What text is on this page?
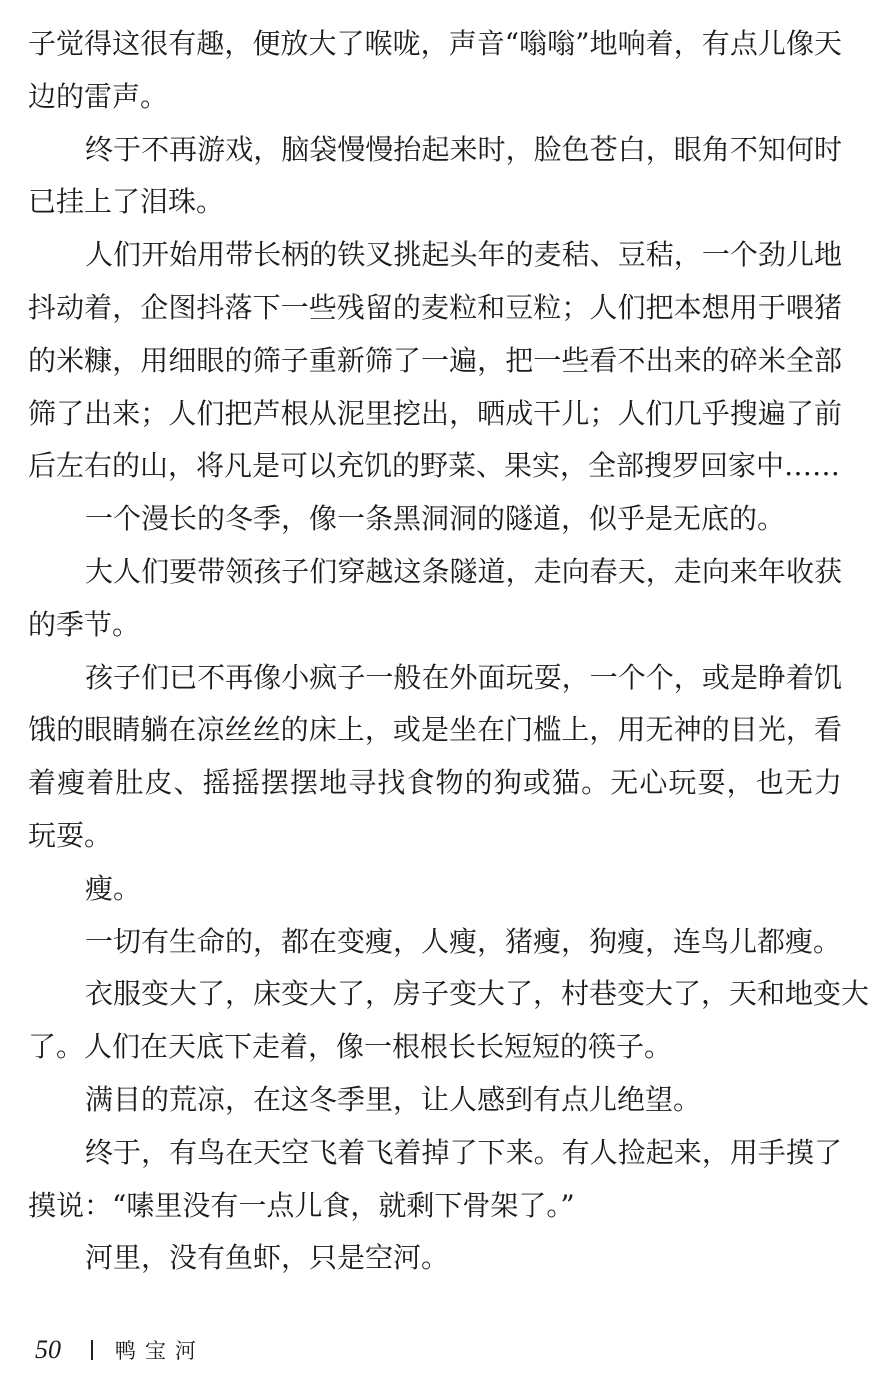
子觉得这很有趣，便放大了喉咙，声音“嗡嗡”地响着，有点儿像天
边的雷声。
终于不再游戏，脑袋慢慢抬起来时，脸色苍白，眼角不知何时
已挂上了泪珠。
人们开始用带长柄的铁叉挑起头年的麦秸、豆秸，一个劲儿地
抖动着，企图抖落下一些残留的麦粒和豆粒；人们把本想用于喂猪
的米糠，用细眼的筛子重新筛了一遍，把一些看不出来的碎米全部
筛了出来；人们把芦根从泥里挖出，晒成干儿；人们几乎搜遍了前
后左右的山，将凡是可以充饥的野菜、果实，全部搜罗回家中……
一个漫长的冬季，像一条黑洞洞的隧道，似乎是无底的。
大人们要带领孩子们穿越这条隧道，走向春天，走向来年收获
的季节。
孩子们已不再像小疯子一般在外面玩耍，一个个，或是睁着饥
饿的眼睛躺在凉丝丝的床上，或是坐在门槛上，用无神的目光，看
着瘦着肚皮、摇摇摆摆地寻找食物的狗或猫。无心玩耍，也无力
玩耍。
瘦。
一切有生命的，都在变瘦，人瘦，猪瘦，狗瘦，连鸟儿都瘦。
衣服变大了，床变大了，房子变大了，村巷变大了，天和地变大
了。人们在天底下走着，像一根根长长短短的筷子。
满目的荒凉，在这冬季里，让人感到有点儿绝望。
终于，有鸟在天空飞着飞着掉了下来。有人捡起来，用手摸了
摸说：“嗉里没有一点儿食，就剩下骨架了。”
河里，没有鱼虾，只是空河。
50	鸭宝河
